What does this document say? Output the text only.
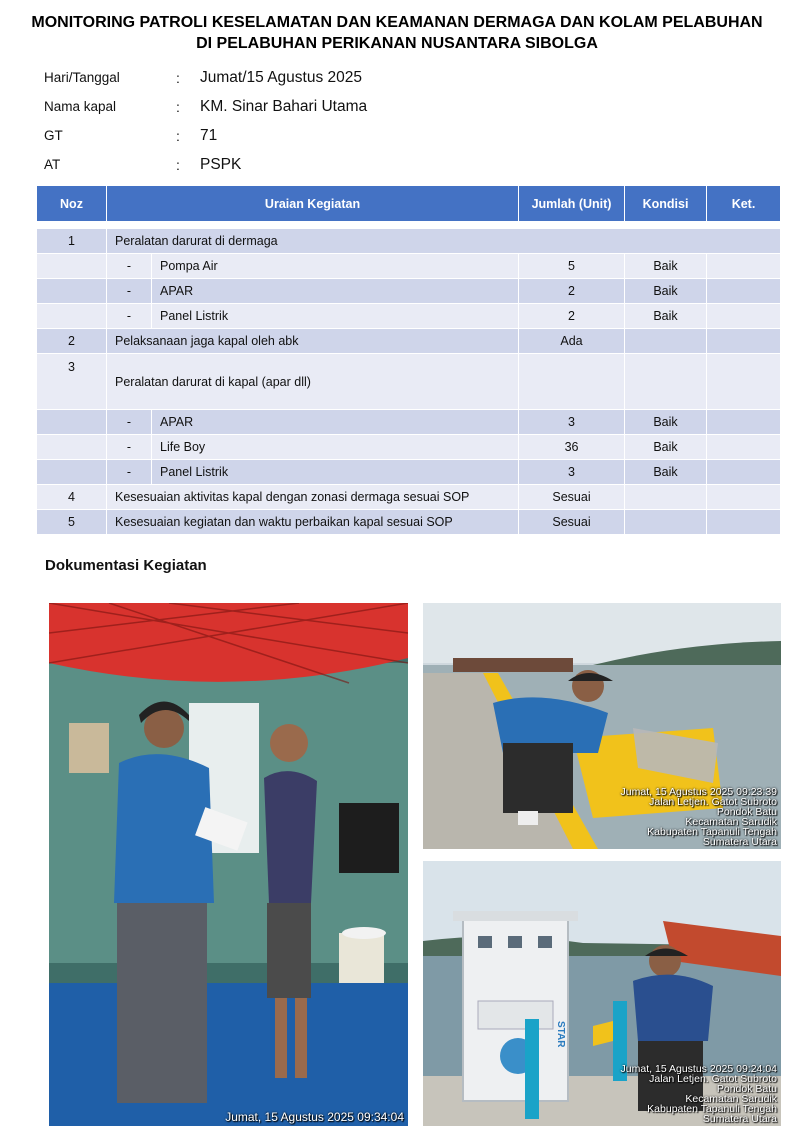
MONITORING PATROLI KESELAMATAN DAN KEAMANAN DERMAGA DAN KOLAM PELABUHAN
DI PELABUHAN PERIKANAN NUSANTARA SIBOLGA
Hari/Tanggal	: Jumat/15 Agustus 2025
Nama kapal	: KM. Sinar Bahari Utama
GT	: 71
AT	: PSPK
Noz	Uraian Kegiatan		Jumlah (Unit)	Kondisi	Ket.

1	Peralatan darurat di dermaga				
	-	Pompa Air	5	Baik	
	-	APAR	2	Baik	
	-	Panel Listrik	2	Baik	
2	Pelaksanaan jaga kapal oleh abk		Ada		
3	Peralatan darurat di kapal (apar dll)				
	-	APAR	3	Baik	
	-	Life Boy	36	Baik	
	-	Panel Listrik	3	Baik	
4	Kesesuaian aktivitas kapal dengan zonasi dermaga sesuai SOP		Sesuai		
5	Kesesuaian kegiatan dan waktu perbaikan kapal sesuai SOP		Sesuai		
Dokumentasi Kegiatan
Jumat, 15 Agustus 2025 09:34:04
Jumat, 15 Agustus 2025 09:23:39
Jalan Letjen. Gatot Subroto
Pondok Batu
Kecamatan Sarudik
Kabupaten Tapanuli Tengah
Sumatera Utara
STAR
Jumat, 15 Agustus 2025 09:24:04
Jalan Letjen. Gatot Subroto
Pondok Batu
Kecamatan Sarudik
Kabupaten Tapanuli Tengah
Sumatera Utara
